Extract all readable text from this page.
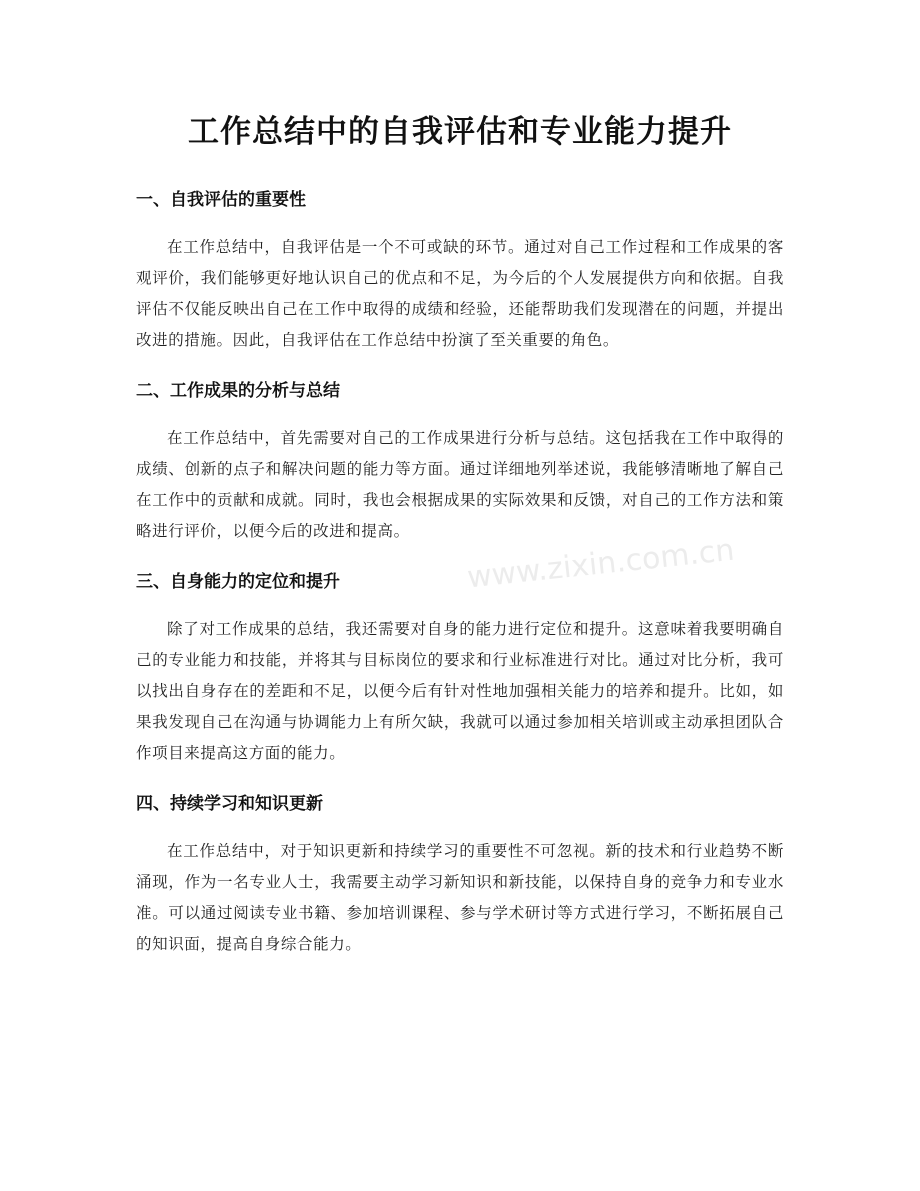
工作总结中的自我评估和专业能力提升
一、自我评估的重要性

在工作总结中，自我评估是一个不可或缺的环节。通过对自己工作过程和工作成果的客观评价，我们能够更好地认识自己的优点和不足，为今后的个人发展提供方向和依据。自我评估不仅能反映出自己在工作中取得的成绩和经验，还能帮助我们发现潜在的问题，并提出改进的措施。因此，自我评估在工作总结中扮演了至关重要的角色。

二、工作成果的分析与总结

在工作总结中，首先需要对自己的工作成果进行分析与总结。这包括我在工作中取得的成绩、创新的点子和解决问题的能力等方面。通过详细地列举述说，我能够清晰地了解自己在工作中的贡献和成就。同时，我也会根据成果的实际效果和反馈，对自己的工作方法和策略进行评价，以便今后的改进和提高。

三、自身能力的定位和提升

除了对工作成果的总结，我还需要对自身的能力进行定位和提升。这意味着我要明确自己的专业能力和技能，并将其与目标岗位的要求和行业标准进行对比。通过对比分析，我可以找出自身存在的差距和不足，以便今后有针对性地加强相关能力的培养和提升。比如，如果我发现自己在沟通与协调能力上有所欠缺，我就可以通过参加相关培训或主动承担团队合作项目来提高这方面的能力。

四、持续学习和知识更新

在工作总结中，对于知识更新和持续学习的重要性不可忽视。新的技术和行业趋势不断涌现，作为一名专业人士，我需要主动学习新知识和新技能，以保持自身的竞争力和专业水准。可以通过阅读专业书籍、参加培训课程、参与学术研讨等方式进行学习，不断拓展自己的知识面，提高自身综合能力。

www.zixin.com.cn
